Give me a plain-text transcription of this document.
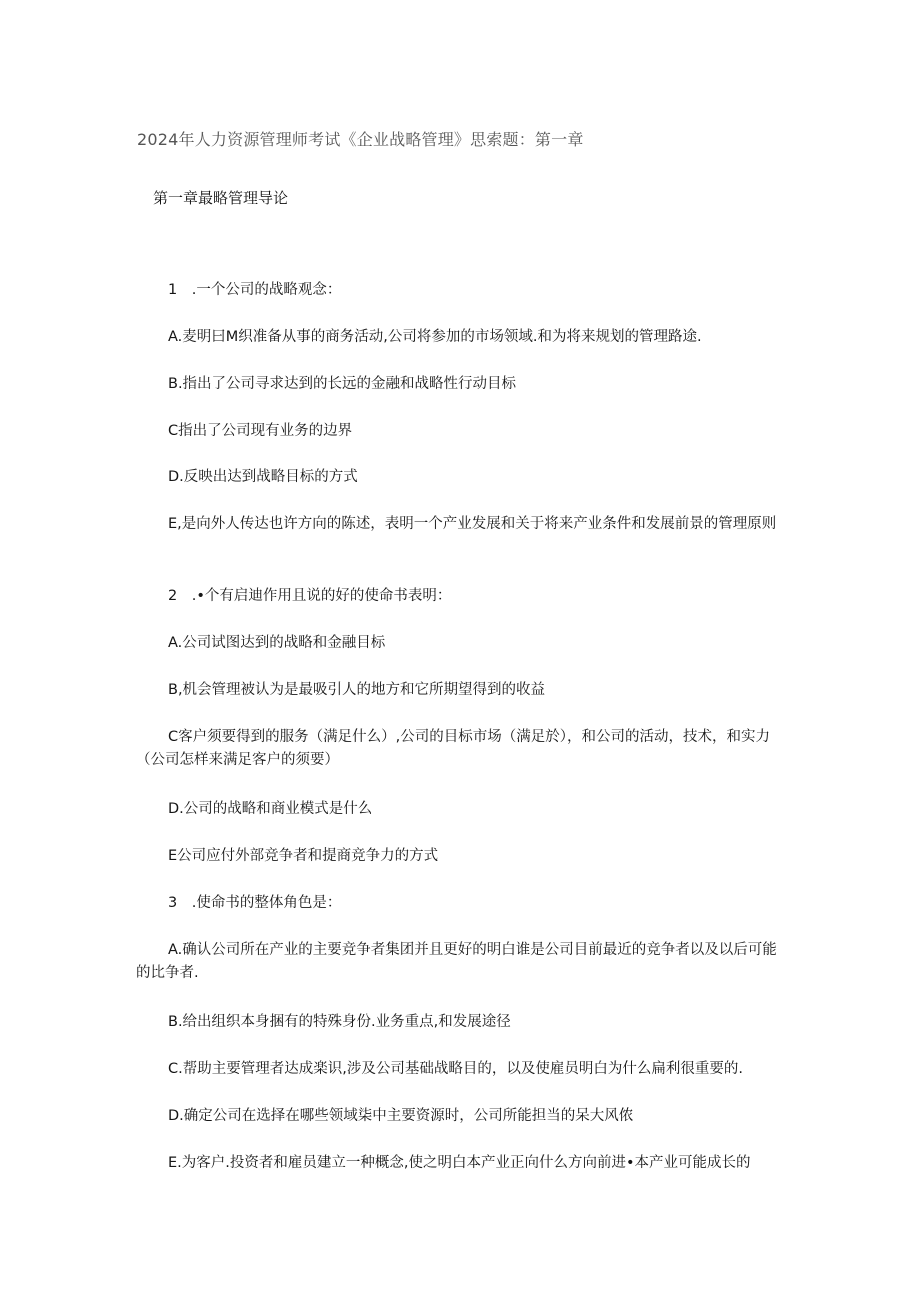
2024年人力资源管理师考试《企业战略管理》思索题：第一章
第一章最略管理导论

1　.一个公司的战略观念：

A.麦明曰M织准备从事的商务活动,公司将参加的市场领域.和为将来规划的管理路途.

B.指出了公司寻求达到的长远的金融和战略性行动目标

C指出了公司现有业务的边界

D.反映出达到战略目标的方式

E,是向外人传达也许方向的陈述，表明一个产业发展和关于将来产业条件和发展前景的管理原则

2　.•个有启迪作用且说的好的使命书表明：

A.公司试图达到的战略和金融目标

B,机会管理被认为是最吸引人的地方和它所期望得到的收益

C客户须要得到的服务（满足什么）,公司的目标市场（满足於），和公司的活动，技术，和实力（公司怎样来满足客户的须要）

D.公司的战略和商业模式是什么

E公司应付外部竞争者和提商竞争力的方式

3　.使命书的整体角色是：

A.确认公司所在产业的主要竞争者集团并且更好的明白谁是公司目前最近的竞争者以及以后可能的比争者.

B.给出组织本身捆有的特殊身份.业务重点,和发展途径

C.帮助主要管理者达成楽识,涉及公司基础战略目的，以及使雇员明白为什么扁利很重要的.

D.确定公司在选择在哪些领域柒中主要资源时，公司所能担当的呆大风侬

E.为客户.投资者和雇员建立一种概念,使之明白本产业正向什么方向前进•本产业可能成长的
